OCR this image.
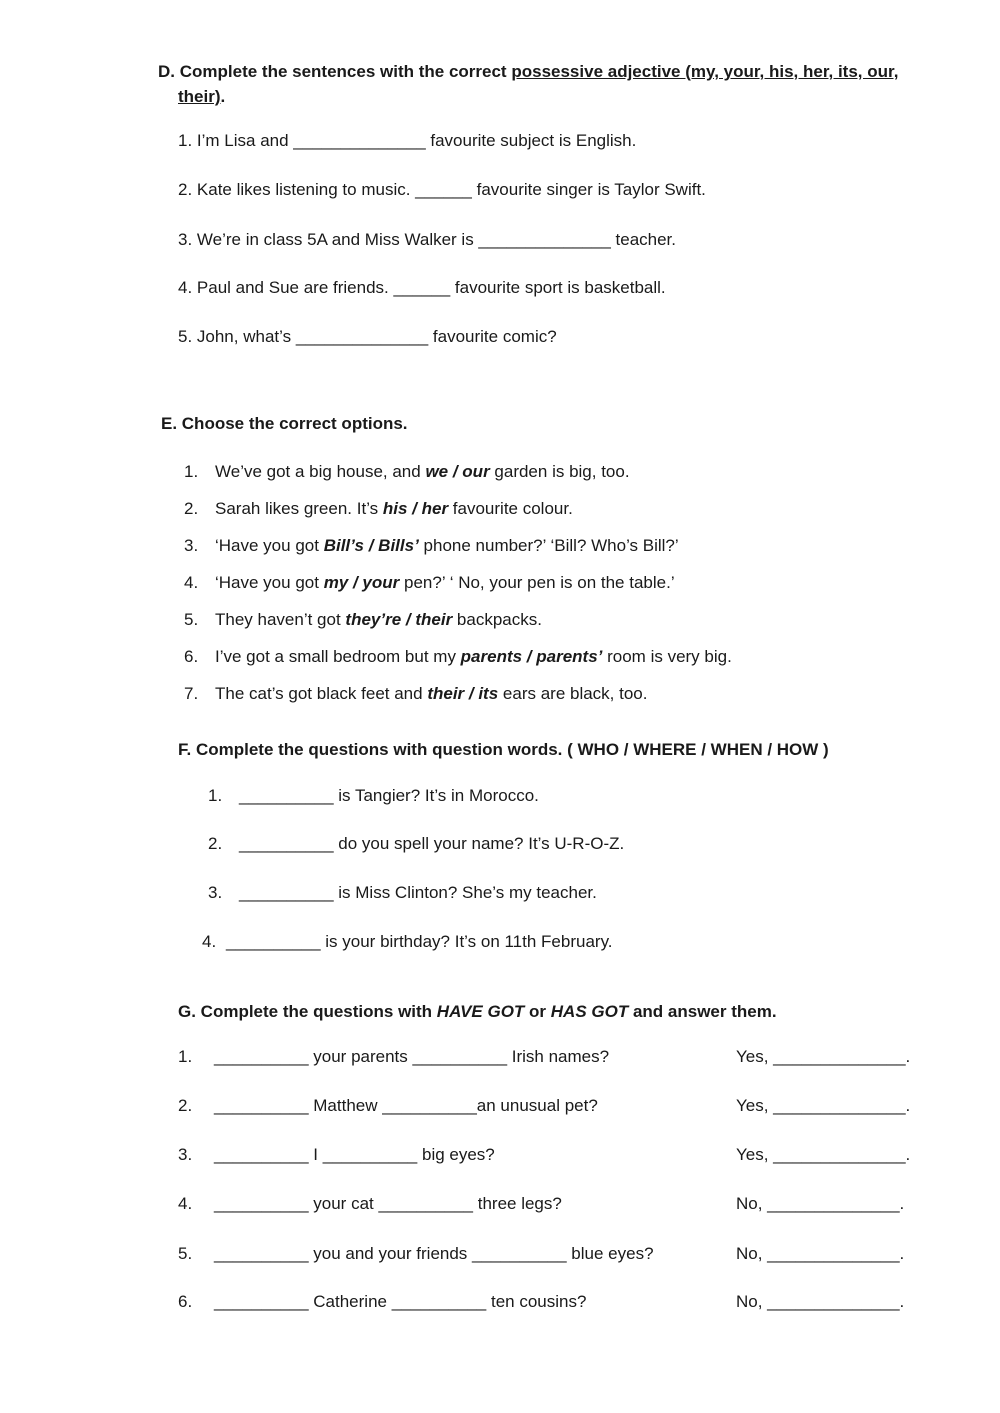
D. Complete the sentences with the correct possessive adjective (my, your, his, her, its, our,
their).
1. I’m Lisa and ______________ favourite subject is English.
2. Kate likes listening to music. ______ favourite singer is Taylor Swift.
3. We’re in class 5A and Miss Walker is ______________ teacher.
4. Paul and Sue are friends. ______ favourite sport is basketball.
5. John, what’s ______________ favourite comic?
E. Choose the correct options.
1. We’ve got a big house, and we / our garden is big, too.
2. Sarah likes green. It’s his / her favourite colour.
3. ‘Have you got Bill’s / Bills’ phone number?’ ‘Bill? Who’s Bill?’
4. ‘Have you got my / your pen?’ ‘ No, your pen is on the table.’
5. They haven’t got they’re / their backpacks.
6. I’ve got a small bedroom but my parents / parents’ room is very big.
7. The cat’s got black feet and their / its ears are black, too.
F. Complete the questions with question words. ( WHO / WHERE / WHEN / HOW )
1. __________ is Tangier? It’s in Morocco.
2. __________ do you spell your name? It’s U-R-O-Z.
3. __________ is Miss Clinton? She’s my teacher.
4. __________ is your birthday? It’s on 11th February.
G. Complete the questions with HAVE GOT or HAS GOT and answer them.
1. __________ your parents __________ Irish names?	Yes, ______________.
2. __________ Matthew __________an unusual pet?	Yes, ______________.
3. __________ I __________ big eyes?	Yes, ______________.
4. __________ your cat __________ three legs?	No, ______________.
5. __________ you and your friends __________ blue eyes?	No, ______________.
6. __________ Catherine __________ ten cousins?	No, ______________.
